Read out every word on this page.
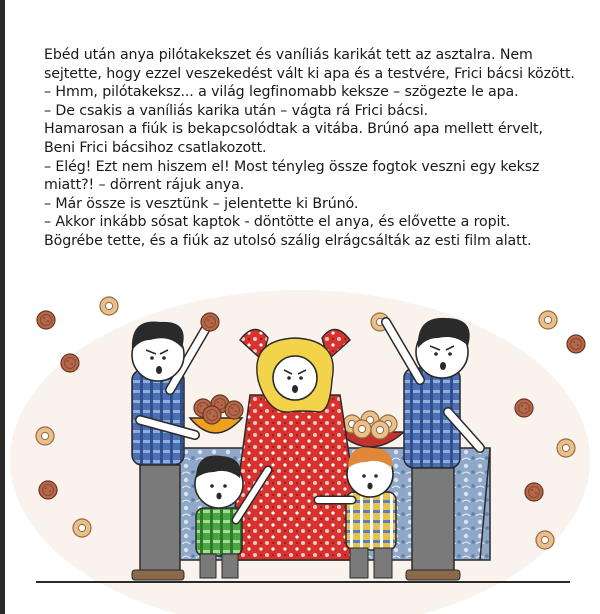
Ebéd után anya pilótakekszet és vaníliás karikát tett az asztalra. Nem
sejtette, hogy ezzel veszekedést vált ki apa és a testvére, Frici bácsi között.
– Hmm, pilótakeksz... a világ legfinomabb keksze – szögezte le apa.
– De csakis a vaníliás karika után – vágta rá Frici bácsi.
Hamarosan a fiúk is bekapcsolódtak a vitába. Brúnó apa mellett érvelt,
Beni Frici bácsihoz csatlakozott.
– Elég! Ezt nem hiszem el! Most tényleg össze fogtok veszni egy keksz
miatt?! – dörrent rájuk anya.
– Már össze is vesztünk – jelentette ki Brúnó.
– Akkor inkább sósat kaptok - döntötte el anya, és elővette a ropit.
Bögrébe tette, és a fiúk az utolsó szálig elrágcsálták az esti film alatt.
